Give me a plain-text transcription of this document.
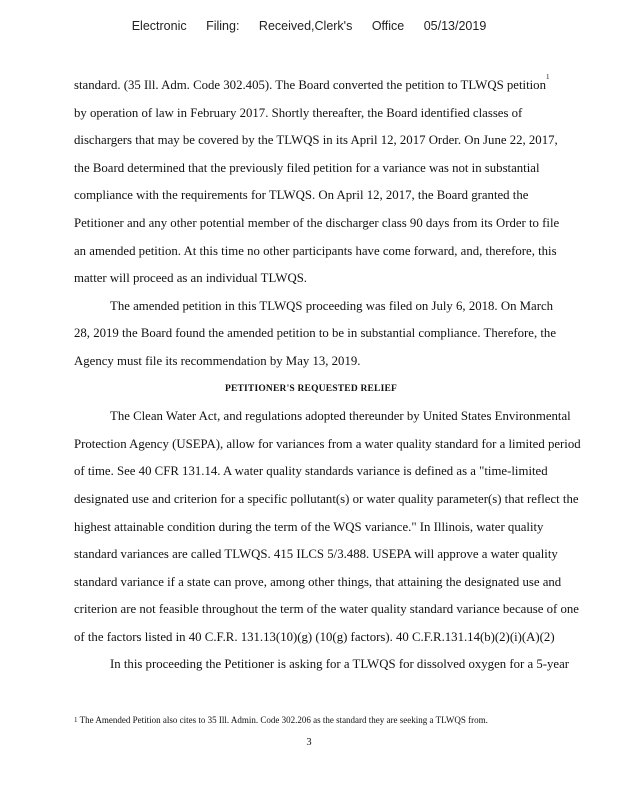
Electronic Filing: Received,Clerk's Office 05/13/2019
standard. (35 Ill. Adm. Code 302.405). The Board converted the petition to TLWQS petition$^1$
by operation of law in February 2017. Shortly thereafter, the Board identified classes of
dischargers that may be covered by the TLWQS in its April 12, 2017 Order. On June 22, 2017,
the Board determined that the previously filed petition for a variance was not in substantial
compliance with the requirements for TLWQS. On April 12, 2017, the Board granted the
Petitioner and any other potential member of the discharger class 90 days from its Order to file
an amended petition. At this time no other participants have come forward, and, therefore, this
matter will proceed as an individual TLWQS.
The amended petition in this TLWQS proceeding was filed on July 6, 2018. On March
28, 2019 the Board found the amended petition to be in substantial compliance. Therefore, the
Agency must file its recommendation by May 13, 2019.
PETITIONER'S REQUESTED RELIEF
The Clean Water Act, and regulations adopted thereunder by United States Environmental
Protection Agency (USEPA), allow for variances from a water quality standard for a limited period
of time. See 40 CFR 131.14. A water quality standards variance is defined as a "time-limited
designated use and criterion for a specific pollutant(s) or water quality parameter(s) that reflect the
highest attainable condition during the term of the WQS variance." In Illinois, water quality
standard variances are called TLWQS. 415 ILCS 5/3.488. USEPA will approve a water quality
standard variance if a state can prove, among other things, that attaining the designated use and
criterion are not feasible throughout the term of the water quality standard variance because of one
of the factors listed in 40 C.F.R. 131.13(10)(g) (10(g) factors). 40 C.F.R.131.14(b)(2)(i)(A)(2)
In this proceeding the Petitioner is asking for a TLWQS for dissolved oxygen for a 5-year
$^1$ The Amended Petition also cites to 35 Ill. Admin. Code 302.206 as the standard they are seeking a TLWQS from.
3
